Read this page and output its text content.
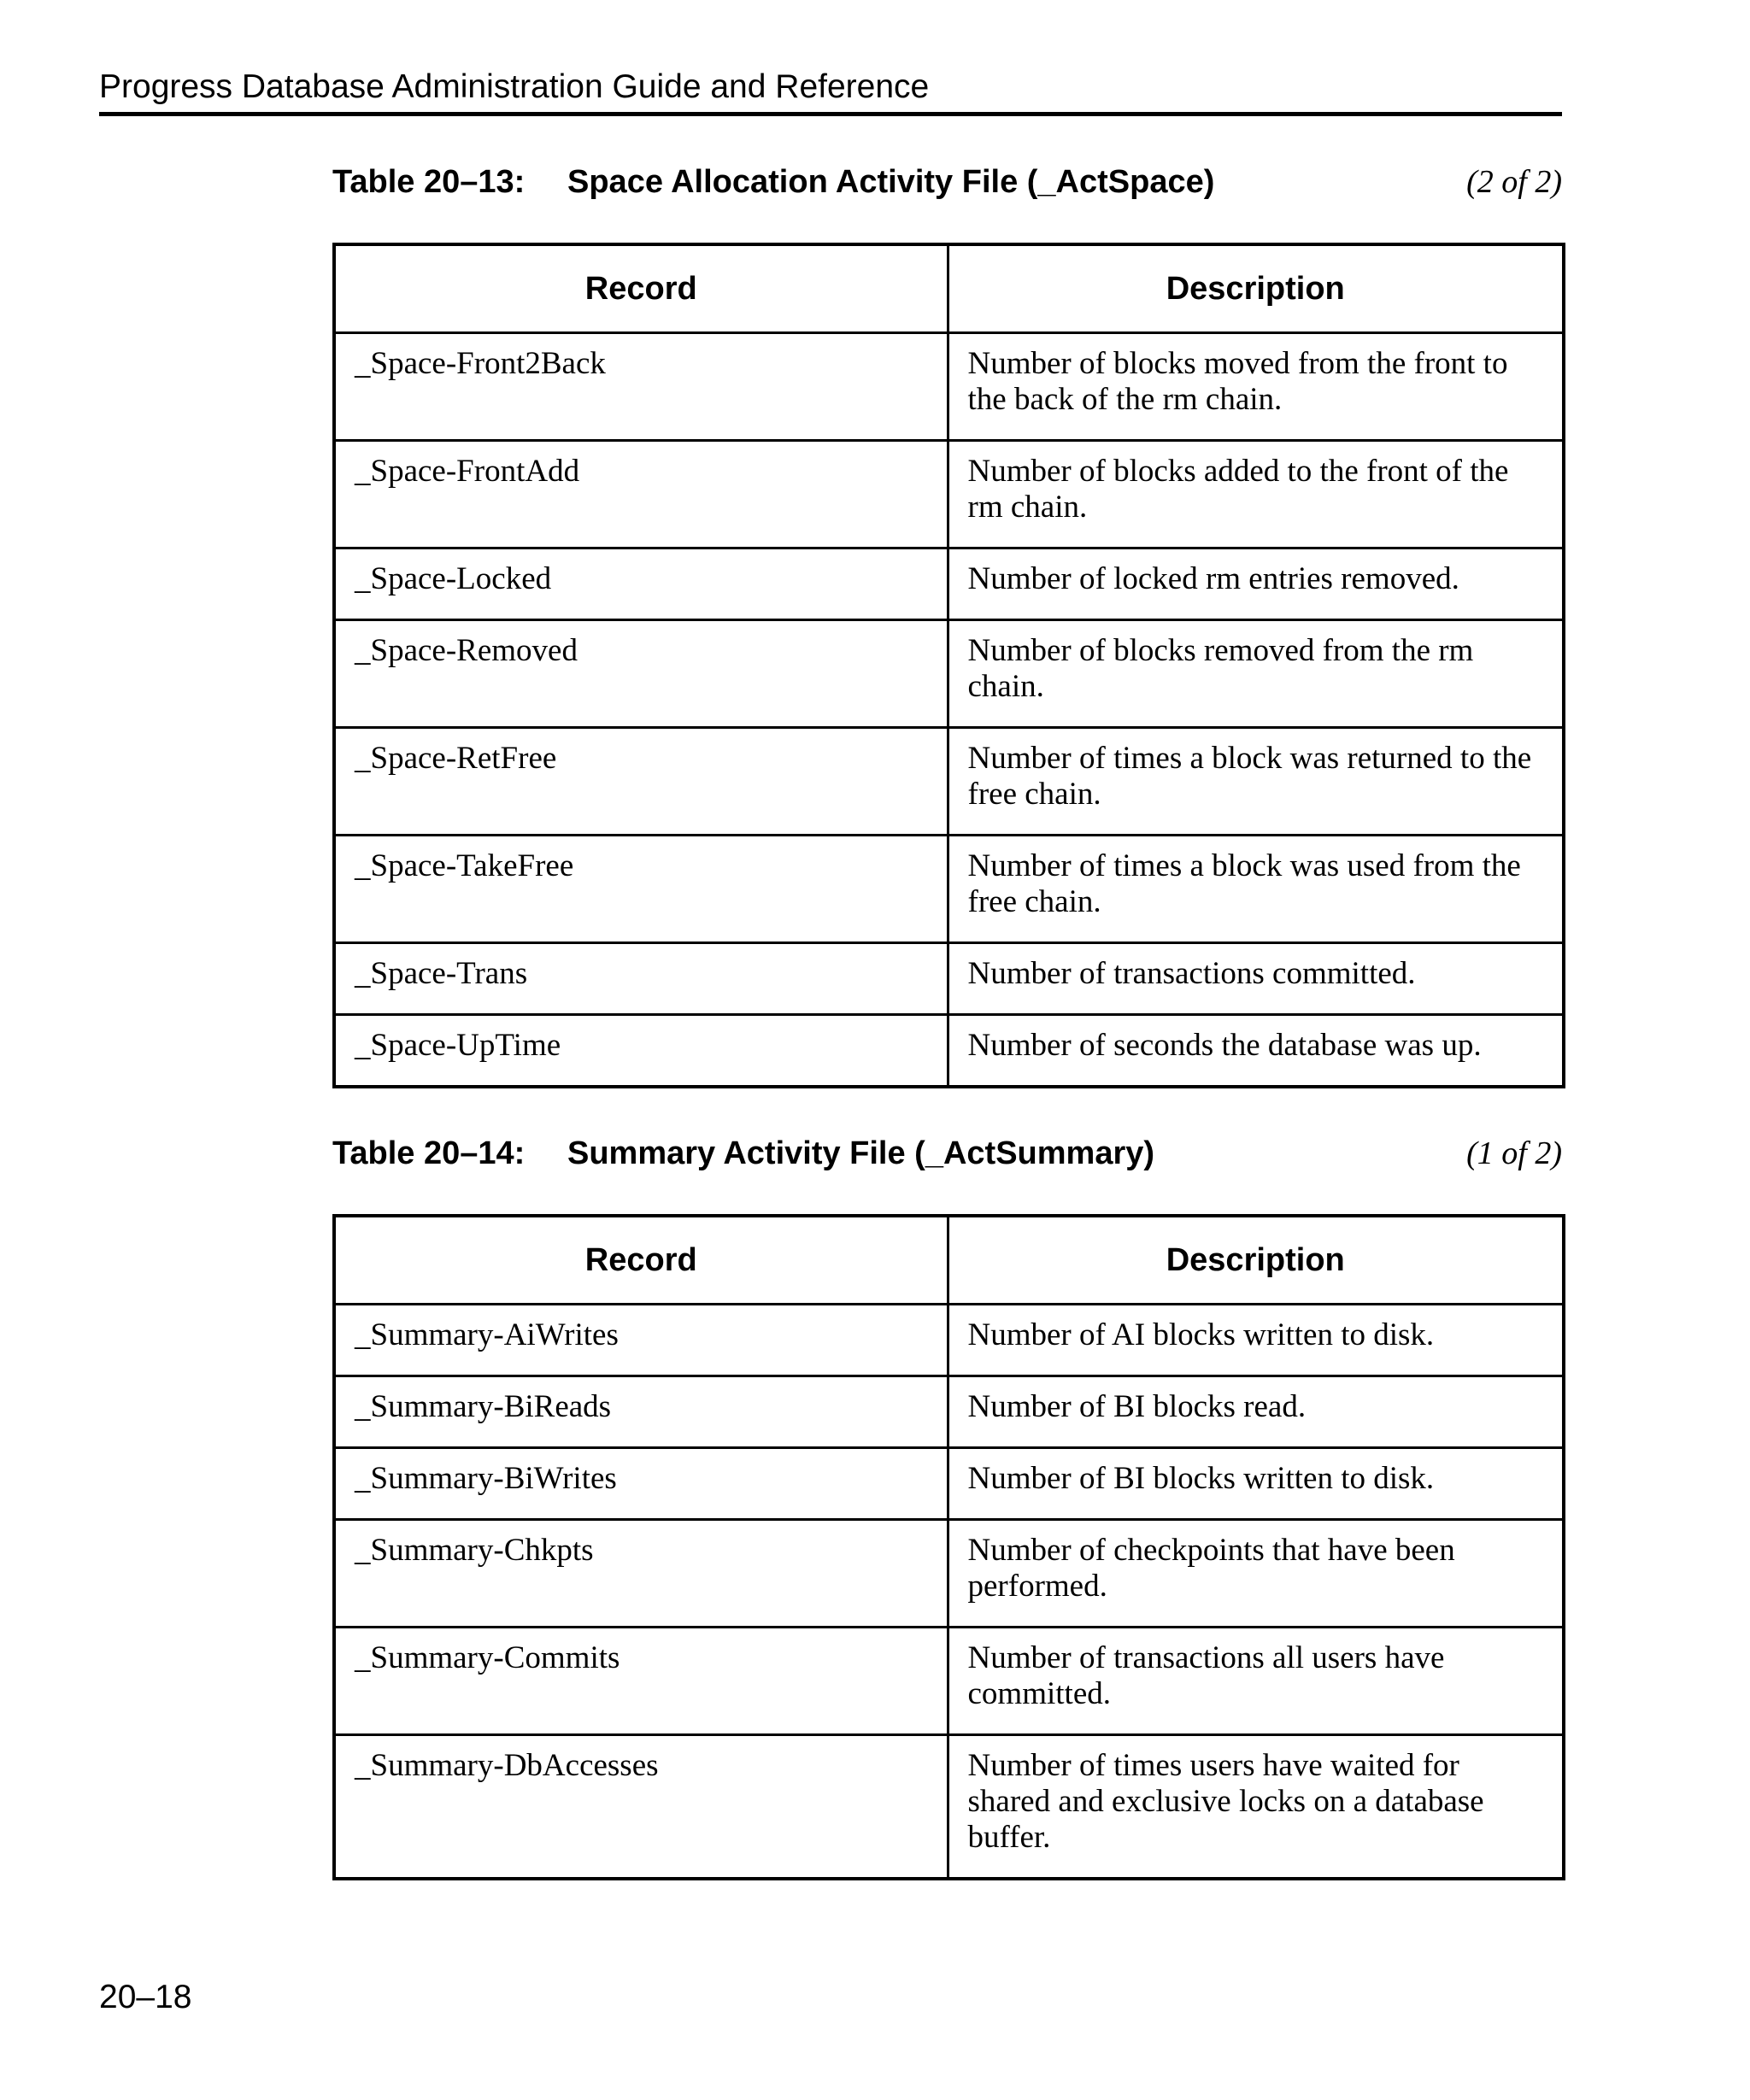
Progress Database Administration Guide and Reference
Table 20–13: Space Allocation Activity File (_ActSpace)	(2 of 2)
Record	Description
_Space-Front2Back	Number of blocks moved from the front to the back of the rm chain.
_Space-FrontAdd	Number of blocks added to the front of the rm chain.
_Space-Locked	Number of locked rm entries removed.
_Space-Removed	Number of blocks removed from the rm chain.
_Space-RetFree	Number of times a block was returned to the free chain.
_Space-TakeFree	Number of times a block was used from the free chain.
_Space-Trans	Number of transactions committed.
_Space-UpTime	Number of seconds the database was up.
Table 20–14: Summary Activity File (_ActSummary)	(1 of 2)
Record	Description
_Summary-AiWrites	Number of AI blocks written to disk.
_Summary-BiReads	Number of BI blocks read.
_Summary-BiWrites	Number of BI blocks written to disk.
_Summary-Chkpts	Number of checkpoints that have been performed.
_Summary-Commits	Number of transactions all users have committed.
_Summary-DbAccesses	Number of times users have waited for shared and exclusive locks on a database buffer.
20–18
